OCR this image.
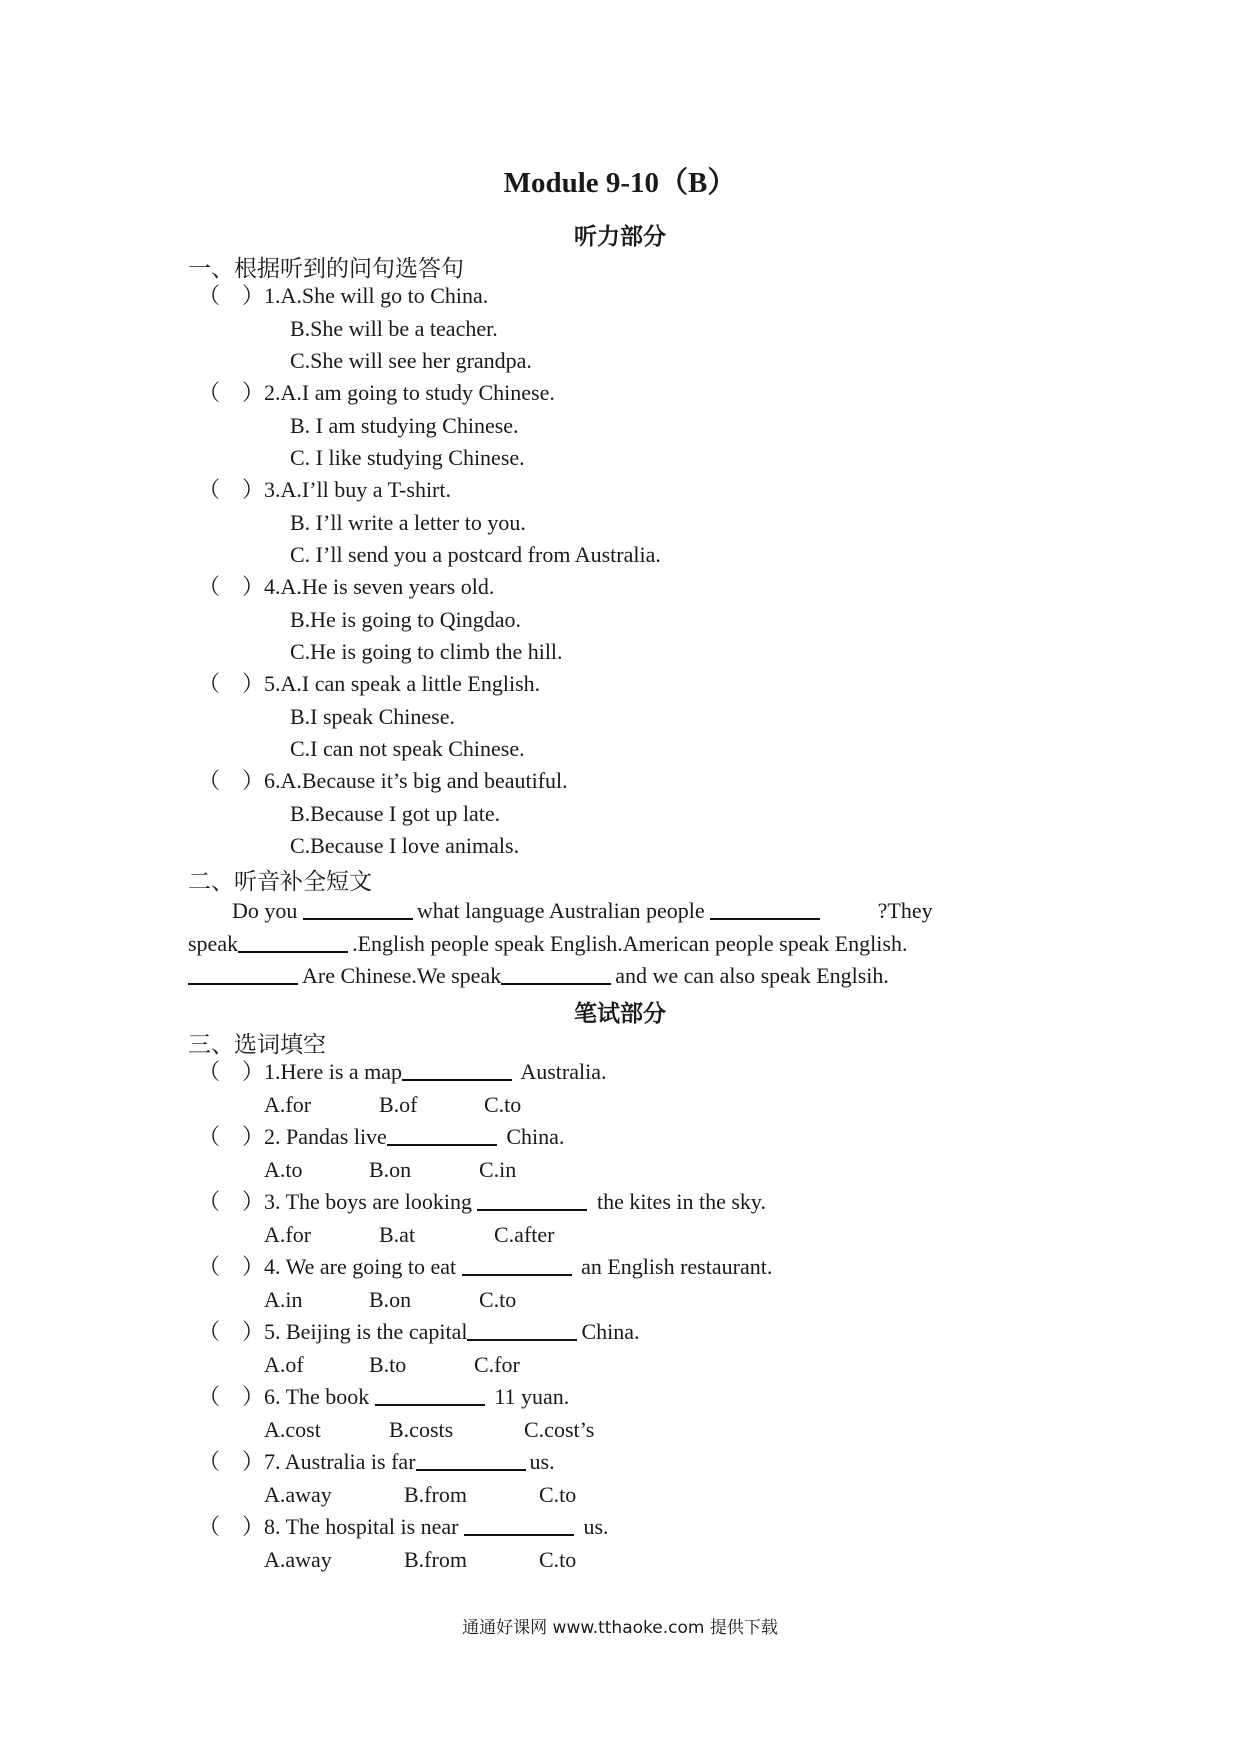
Module 9-10（B）
听力部分
一、根据听到的问句选答句
（　）1.A.She will go to China.
B.She will be a teacher.
C.She will see her grandpa.
（　）2.A.I am going to study Chinese.
B. I am studying Chinese.
C. I like studying Chinese.
（　）3.A.I’ll buy a T-shirt.
B. I’ll write a letter to you.
C. I’ll send you a postcard from Australia.
（　）4.A.He is seven years old.
B.He is going to Qingdao.
C.He is going to climb the hill.
（　）5.A.I can speak a little English.
B.I speak Chinese.
C.I can not speak Chinese.
（　）6.A.Because it’s big and beautiful.
B.Because I got up late.
C.Because I love animals.
二、听音补全短文
Do you	what language Australian people	?They
speak	.English people speak English.American people speak English.
Are Chinese.We speak	and we can also speak Englsih.
笔试部分
三、选词填空
（　）1.Here is a map	Australia.
A.for	B.of	C.to
（　）2. Pandas live	China.
A.to	B.on	C.in
（　）3. The boys are looking	the kites in the sky.
A.for	B.at	C.after
（　）4. We are going to eat	an English restaurant.
A.in	B.on	C.to
（　）5. Beijing is the capital	China.
A.of	B.to	C.for
（　）6. The book	11 yuan.
A.cost	B.costs	C.cost’s
（　）7. Australia is far	us.
A.away	B.from	C.to
（　）8. The hospital is near	us.
A.away	B.from	C.to
通通好课网 www.tthaoke.com 提供下载
